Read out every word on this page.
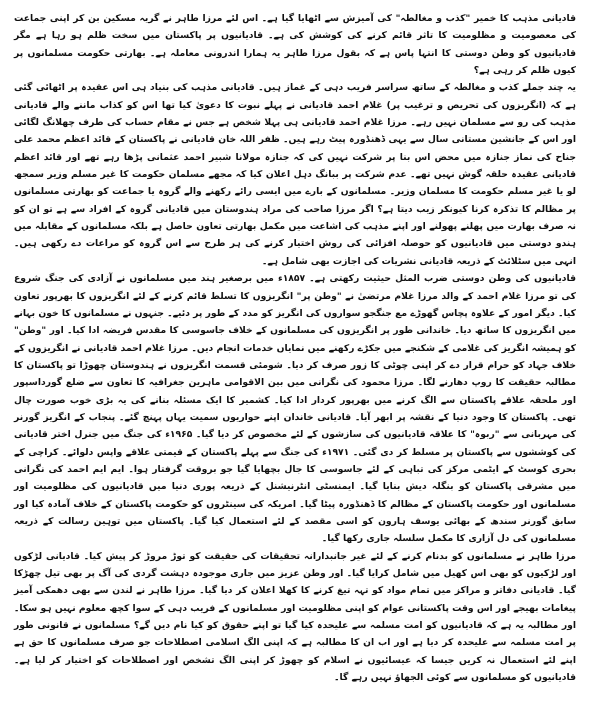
قادیانی مذہب کا خمیر "کذب و مغالطہ" کی آمیزش سے اٹھایا گیا ہے۔ اس لئے مرزا طاہر نے گریہ مسکین بن کر اپنی جماعت کی معصومیت و مظلومیت کا تاثر قائم کرنے کی کوشش کی ہے۔ قادیانیوں پر پاکستان میں سخت ظلم ہو رہا ہے مگر قادیانیوں کو وطن دوستی کا انتہا پاس ہے کہ بقول مرزا طاہر یہ ہمارا اندرونی معاملہ ہے۔ بھارتی حکومت مسلمانوں پر کیوں ظلم کر رہی ہے؟

یہ چند جملے کذب و مغالطہ کے ساتھ سراسر فریب دہی کے غماز ہیں۔ قادیانی مذہب کی بنیاد ہی اس عقیدہ پر اٹھائی گئی ہے کہ (انگریزوں کی تحریص و ترغیب پر) غلام احمد قادیانی نے پہلے نبوت کا دعویٰ کیا تھا اس کو کذاب ماننے والے قادیانی مذہب کی رو سے مسلمان نہیں رہے۔ مرزا غلام احمد قادیانی ہی پہلا شخص ہے جس نے مقام حساب کی طرف چھلانگ لگائی اور اس کے جانشین مستانی سال سے یہی ڈھنڈورہ پیٹ رہے ہیں۔ ظفر اللہ خان قادیانی نے پاکستان کے قائد اعظم محمد علی جناح کی نماز جنازہ میں محض اس بنا پر شرکت نہیں کی کہ جنازہ مولانا شبیر احمد عثمانی پڑھا رہے تھے اور قائد اعظم قادیانی عقیدہ حلقہ گوش نہیں تھے۔ عدم شرکت پر ببانگ دہل اعلان کیا کہ مجھے مسلمان حکومت کا غیر مسلم وزیر سمجھ لو یا غیر مسلم حکومت کا مسلمان وزیر۔ مسلمانوں کے بارے میں ایسی رائے رکھنے والے گروہ یا جماعت کو بھارتی مسلمانوں پر مظالم کا تذکرہ کرنا کیونکر زیب دیتا ہے؟ اگر مرزا صاحب کی مراد ہندوستان میں قادیانی گروہ کے افراد سے ہے تو ان کو نہ صرف بھارت میں پھلنے پھولنے اور اپنے مذہب کی اشاعت میں مکمل بھارتی تعاون حاصل ہے بلکہ مسلمانوں کے مقابلہ میں ہندو دوستی میں قادیانیوں کو حوصلہ افزائی کی روش اختیار کرنے کی ہر طرح سے اس گروہ کو مراعات دے رکھی ہیں۔ انہی میں سٹلائٹ کے ذریعہ قادیانی نشریات کی اجازت بھی شامل ہے۔

قادیانیوں کی وطن دوستی ضرب المثل حیثیت رکھتی ہے۔ ۱۸۵۷ء میں برصغیر ہند میں مسلمانوں نے آزادی کی جنگ شروع کی تو مرزا غلام احمد کے والد مرزا غلام مرتضیٰ نے "وطن پر" انگریزوں کا تسلط قائم کرنے کے لئے انگریزوں کا بھرپور تعاون کیا۔ دیگر امور کے علاوہ پچاس گھوڑے مع جنگجو سواروں کی انگریز کو مدد کے طور پر دئیے۔ جنہوں نے مسلمانوں کا خون بہانے میں انگریزوں کا ساتھ دیا۔ خاندانی طور پر انگریزوں کی مسلمانوں کے خلاف جاسوسی کا مقدس فریضہ ادا کیا۔ اور "وطن" کو ہمیشہ انگریز کی غلامی کے شکنجے میں جکڑے رکھنے میں نمایاں خدمات انجام دیں۔ مرزا غلام احمد قادیانی نے انگریزوں کے خلاف جہاد کو حرام قرار دے کر اپنی چوٹی کا زور صرف کر دیا۔ شومئی قسمت انگریزوں نے ہندوستان چھوڑا تو پاکستان کا مطالبہ حقیقت کا روپ دھارنے لگا۔ مرزا محمود کی نگرانی میں بین الاقوامی ماہرین جغرافیہ کا تعاون سے ضلع گورداسپور اور ملحقہ علاقے پاکستان سے الگ کرنے میں بھرپور کردار ادا کیا۔ کشمیر کا ایک مسئلہ بنانے کی یہ بڑی خوب صورت چال تھی۔ پاکستان کا وجود دنیا کے نقشہ پر ابھر آیا۔ قادیانی خاندان اپنے حواریوں سمیت یہاں پہنچ گئے۔ پنجاب کے انگریز گورنر کی مہربانی سے "ربوہ" کا علاقہ قادیانیوں کی سازشوں کے لئے مخصوص کر دیا گیا۔ ۱۹۶۵ء کی جنگ میں جنرل اختر قادیانی کی کوششوں سے پاکستان پر مسلط کر دی گئی۔ ۱۹۷۱ء کی جنگ سے پہلے پاکستان کے قیمتی علاقے واپس دلوائے۔ کراچی کے بحری کوسٹ کے ایٹمی مرکز کی تباہی کے لئے جاسوسی کا جال بچھایا گیا جو بروقت گرفتار ہوا۔ ایم ایم احمد کی نگرانی میں مشرقی پاکستان کو بنگلہ دیش بنایا گیا۔ ایمنسٹی انٹرنیشنل کے ذریعہ پوری دنیا میں قادیانیوں کی مظلومیت اور مسلمانوں اور حکومت پاکستان کے مظالم کا ڈھنڈورہ پیٹا گیا۔ امریکہ کی سینٹروں کو حکومت پاکستان کے خلاف آمادہ کیا اور سابق گورنر سندھ کے بھائی یوسف ہارون کو اسی مقصد کے لئے استعمال کیا گیا۔ پاکستان میں توہین رسالت کے ذریعہ مسلمانوں کی دل آزاری کا مکمل سلسلہ جاری رکھا گیا۔

مرزا طاہر نے مسلمانوں کو بدنام کرنے کے لئے غیر جانبدارانہ تحقیقات کی حقیقت کو توڑ مروڑ کر پیش کیا۔ قادیانی لڑکوں اور لڑکیوں کو بھی اس کھیل میں شامل کرایا گیا۔ اور وطن عزیز میں جاری موجودہ دہشت گردی کی آگ پر بھی تیل چھڑکا گیا۔ قادیانی دفاتر و مراکز میں تمام مواد کو تہہ تیغ کرنے کا کھلا اعلان کر دیا گیا۔ مرزا طاہر نے لندن سے بھی دھمکی آمیز پیغامات بھیجے اور اس وقت پاکستانی عوام کو اپنی مظلومیت اور مسلمانوں کے فریب دہی کے سوا کچھ معلوم نہیں ہو سکا۔ اور مطالبہ یہ ہے کہ قادیانیوں کو امت مسلمہ سے علیحدہ کیا گیا تو اپنے حقوق کو کیا نام دیں گے؟ مسلمانوں نے قانونی طور پر امت مسلمہ سے علیحدہ کر دیا ہے اور اب ان کا مطالبہ ہے کہ اپنی الگ اسلامی اصطلاحات جو صرف مسلمانوں کا حق ہے اپنے لئے استعمال نہ کریں جیسا کہ عیسائیوں نے اسلام کو چھوڑ کر اپنی الگ تشخص اور اصطلاحات کو اختیار کر لیا ہے۔ قادیانیوں کو مسلمانوں سے کوئی الجھاؤ نہیں رہے گا۔
